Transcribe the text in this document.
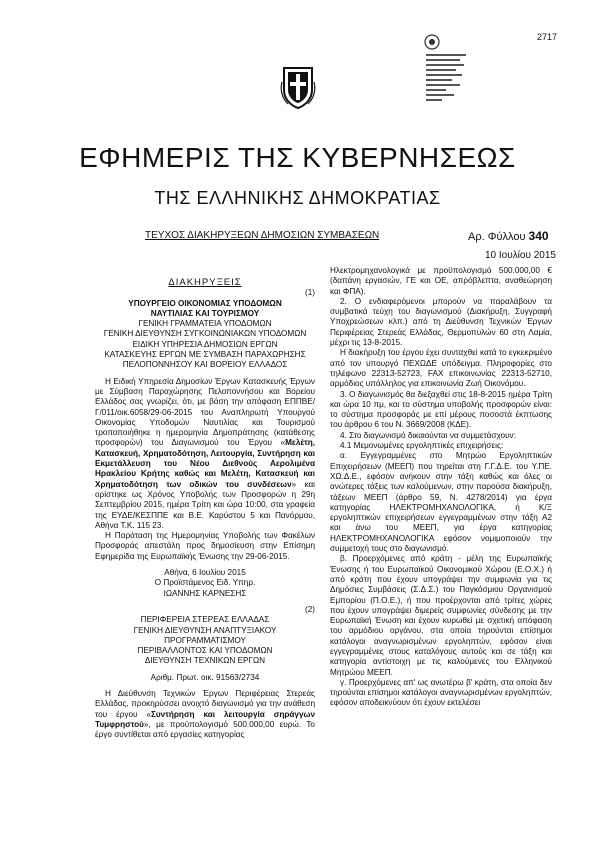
2717
ΕΦΗΜΕΡΙΣ ΤΗΣ ΚΥΒΕΡΝΗΣΕΩΣ
ΤΗΣ ΕΛΛΗΝΙΚΗΣ ΔΗΜΟΚΡΑΤΙΑΣ
ΤΕΥΧΟΣ ΔΙΑΚΗΡΥΞΕΩΝ ΔΗΜΟΣΙΩΝ ΣΥΜΒΑΣΕΩΝ	Αρ. Φύλλου 340
10 Ιουλίου 2015

ΔΙΑΚΗΡΥΞΕΙΣ

(1)

ΥΠΟΥΡΓΕΙΟ ΟΙΚΟΝΟΜΙΑΣ ΥΠΟΔΟΜΩΝ

ΝΑΥΤΙΛΙΑΣ ΚΑΙ ΤΟΥΡΙΣΜΟΥ

ΓΕΝΙΚΗ ΓΡΑΜΜΑΤΕΙΑ ΥΠΟΔΟΜΩΝ

ΓΕΝΙΚΗ ΔΙΕΥΘΥΝΣΗ ΣΥΓΚΟΙΝΩΝΙΑΚΩΝ ΥΠΟΔΟΜΩΝ

ΕΙΔΙΚΗ ΥΠΗΡΕΣΙΑ ΔΗΜΟΣΙΩΝ ΕΡΓΩΝ

ΚΑΤΑΣΚΕΥΗΣ ΕΡΓΩΝ ΜΕ ΣΥΜΒΑΣΗ ΠΑΡΑΧΩΡΗΣΗΣ

ΠΕΛΟΠΟΝΝΗΣΟΥ ΚΑΙ ΒΟΡΕΙΟΥ ΕΛΛΑΔΟΣ

Η Ειδική Υπηρεσία Δημοσίων Έργων Κατασκευής Έργων με Σύμβαση Παραχώρησης Πελοποννήσου και Βορείου Ελλάδος σας γνωρίζει, ότι, με βάση την απόφαση ΕΠΠΒΕ/Γ/011/οικ.6058/29-06-2015 του Αναπληρωτή Υπουργού Οικονομίας Υποδομών Ναυτιλίας και Τουρισμού τροποποιήθηκε η ημερομηνία Δημοπράτησης (κατάθεσης προσφορών) του Διαγωνισμού του Έργου «Μελέτη, Κατασκευή, Χρηματοδότηση, Λειτουργία, Συντήρηση και Εκμετάλλευση του Νέου Διεθνούς Αερολιμένα Ηρακλείου Κρήτης καθώς και Μελέτη, Κατασκευή και Χρηματοδότηση των οδικών του συνδέσεων» και ορίστηκε ως Χρόνος Υποβολής των Προσφορών η 29η Σεπτεμβρίου 2015, ημέρα Τρίτη και ώρα 10:00, στα γραφεία της ΕΥΔΕ/ΚΕΣΠΠΕ και Β.Ε. Καρύστου 5 και Πανόρμου, Αθήνα Τ.Κ. 115 23.

Η Παράταση της Ημερομηνίας Υποβολής των Φακέλων Προσφοράς απεστάλη προς δημοσίευση στην Επίσημη Εφημερίδα της Ευρωπαϊκής Ένωσης την 29-06-2015.

Αθήνα, 6 Ιουλίου 2015

Ο Προϊστάμενος Ειδ. Υπηρ.

ΙΩΑΝΝΗΣ ΚΑΡΝΕΣΗΣ

(2)

ΠΕΡΙΦΕΡΕΙΑ ΣΤΕΡΕΑΣ ΕΛΛΑΔΑΣ

ΓΕΝΙΚΗ ΔΙΕΥΘΥΝΣΗ ΑΝΑΠΤΥΞΙΑΚΟΥ ΠΡΟΓΡΑΜΜΑΤΙΣΜΟΥ

ΠΕΡΙΒΑΛΛΟΝΤΟΣ ΚΑΙ ΥΠΟΔΟΜΩΝ

ΔΙΕΥΘΥΝΣΗ ΤΕΧΝΙΚΩΝ ΕΡΓΩΝ

Αριθμ. Πρωτ. οικ. 91563/2734

Η Διεύθυνση Τεχνικών Έργων Περιφέρειας Στερεάς Ελλάδας, προκηρύσσει ανοιχτό διαγωνισμό για την ανάθεση του έργου «Συντήρηση και λειτουργία σηράγγων Τυμφρηστού», με προϋπολογισμό 500.000,00 ευρώ. Το έργο συντίθεται από εργασίες κατηγορίας

Ηλεκτρομηχανολογικά με προϋπολογισμό 500.000,00 € (δαπάνη εργασιών, ΓΕ και ΟΕ, απρόβλεπτα, αναθεώρηση και ΦΠΑ).

2. Ο ενδιαφερόμενοι μπορούν να παραλάβουν τα συμβατικά τεύχη του διαγωνισμού (Διακήρυξη, Συγγραφή Υποχρεώσεων κλπ.) από τη Διεύθυνση Τεχνικών Έργων Περιφέρειας Στερεάς Ελλάδας, Θερμοπυλών 60 στη Λαμία, μέχρι τις 13-8-2015.

Η διακήρυξη του έργου έχει συνταχθεί κατά το εγκεκριμένο από τον υπουργό ΠΕΧΩΔΕ υπόδειγμα. Πληροφορίες στο τηλέφωνο 22313-52723, FAX επικοινωνίας 22313-52710, αρμόδιος υπάλληλος για επικοινωνία Ζωή Οικονόμου.

3. Ο διαγωνισμός θα διεξαχθεί στις 18-8-2015 ημέρα Τρίτη και ώρα 10 πμ, και το σύστημα υποβολής προσφορών είναι: το σύστημα προσφοράς με επί μέρους ποσοστά έκπτωσης του άρθρου 6 του Ν. 3669/2008 (ΚΔΕ).

4. Στο διαγωνισμό δικαιούνται να συμμετάσχουν:

4.1 Μεμονωμένες εργοληπτικές επιχειρήσεις:

α. Εγγεγραμμένες στο Μητρώο Εργοληπτικών Επιχειρήσεων (ΜΕΕΠ) που τηρείται στη Γ.Γ.Δ.Ε. του Υ.ΠΕ. ΧΩ.Δ.Ε., εφόσον ανήκουν στην τάξη καθώς και όλες οι ανώτερες τάξεις των καλούμενων, στην παρούσα διακήρυξη, τάξεων ΜΕΕΠ (άρθρο 59, Ν. 4278/2014) για έργα κατηγορίας ΗΛΕΚΤΡΟΜΗΧΑΝΟΛΟΓΙΚΑ, ή Κ/Ξ εργοληπτικών επιχειρήσεων εγγεγραμμένων στην τάξη Α2 και άνω του ΜΕΕΠ, για έργα κατηγορίας ΗΛΕΚΤΡΟΜΗΧΑΝΟΛΟΓΙΚΑ εφόσον νομιμοποιούν την συμμετοχή τους στο διαγωνισμό.

β. Προερχόμενες από κράτη - μέλη της Ευρωπαϊκής Ένωσης ή του Ευρωπαϊκού Οικονομικού Χώρου (Ε.Ο.Χ.) ή από κράτη που έχουν υπογράψει την συμφωνία για τις Δημόσιες Συμβάσεις (Σ.Δ.Σ.) του Παγκόσμιου Οργανισμού Εμπορίου (Π.Ο.Ε.), ή που προέρχονται από τρίτες χώρες που έχουν υπογράψει διμερείς συμφωνίες σύνδεσης με την Ευρωπαϊκή Ένωση και έχουν κυρωθεί με σχετική απόφαση του αρμόδιου οργάνου, στα οποία τηρούνται επίσημοι κατάλογοι αναγνωρισμένων εργοληπτών, εφόσον είναι εγγεγραμμένες στους καταλόγους αυτούς και σε τάξη και κατηγορία αντίστοιχη με τις καλούμενες του Ελληνικού Μητρώου ΜΕΕΠ.

γ. Προερχόμενες απ' ως ανωτέρω β' κράτη, στα οποία δεν τηρούνται επίσημοι κατάλογοι αναγνωρισμένων εργοληπτών, εφόσον αποδεικνύουν ότι έχουν εκτελέσει
